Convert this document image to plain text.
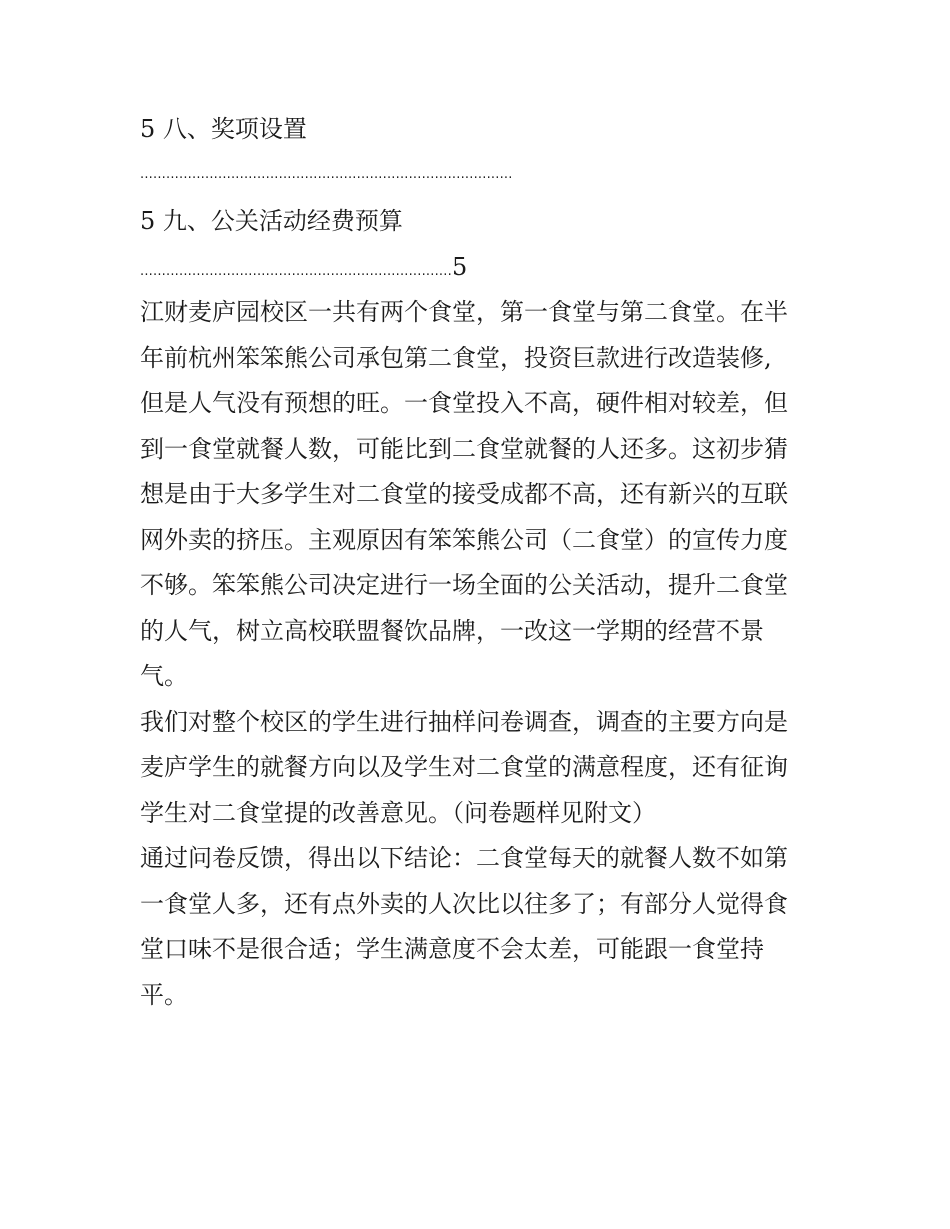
5 八、奖项设置
......................................................................................
5 九、公关活动经费预算
........................................................................5

江财麦庐园校区一共有两个食堂，第一食堂与第二食堂。在半
年前杭州笨笨熊公司承包第二食堂，投资巨款进行改造装修,
但是人气没有预想的旺。一食堂投入不高，硬件相对较差，但
到一食堂就餐人数，可能比到二食堂就餐的人还多。这初步猜
想是由于大多学生对二食堂的接受成都不高，还有新兴的互联
网外卖的挤压。主观原因有笨笨熊公司（二食堂）的宣传力度
不够。笨笨熊公司决定进行一场全面的公关活动，提升二食堂
的人气，树立高校联盟餐饮品牌，一改这一学期的经营不景
气。

我们对整个校区的学生进行抽样问卷调查，调查的主要方向是
麦庐学生的就餐方向以及学生对二食堂的满意程度，还有征询
学生对二食堂提的改善意见。（问卷题样见附文）

通过问卷反馈，得出以下结论：二食堂每天的就餐人数不如第
一食堂人多，还有点外卖的人次比以往多了；有部分人觉得食
堂口味不是很合适；学生满意度不会太差，可能跟一食堂持
平。
